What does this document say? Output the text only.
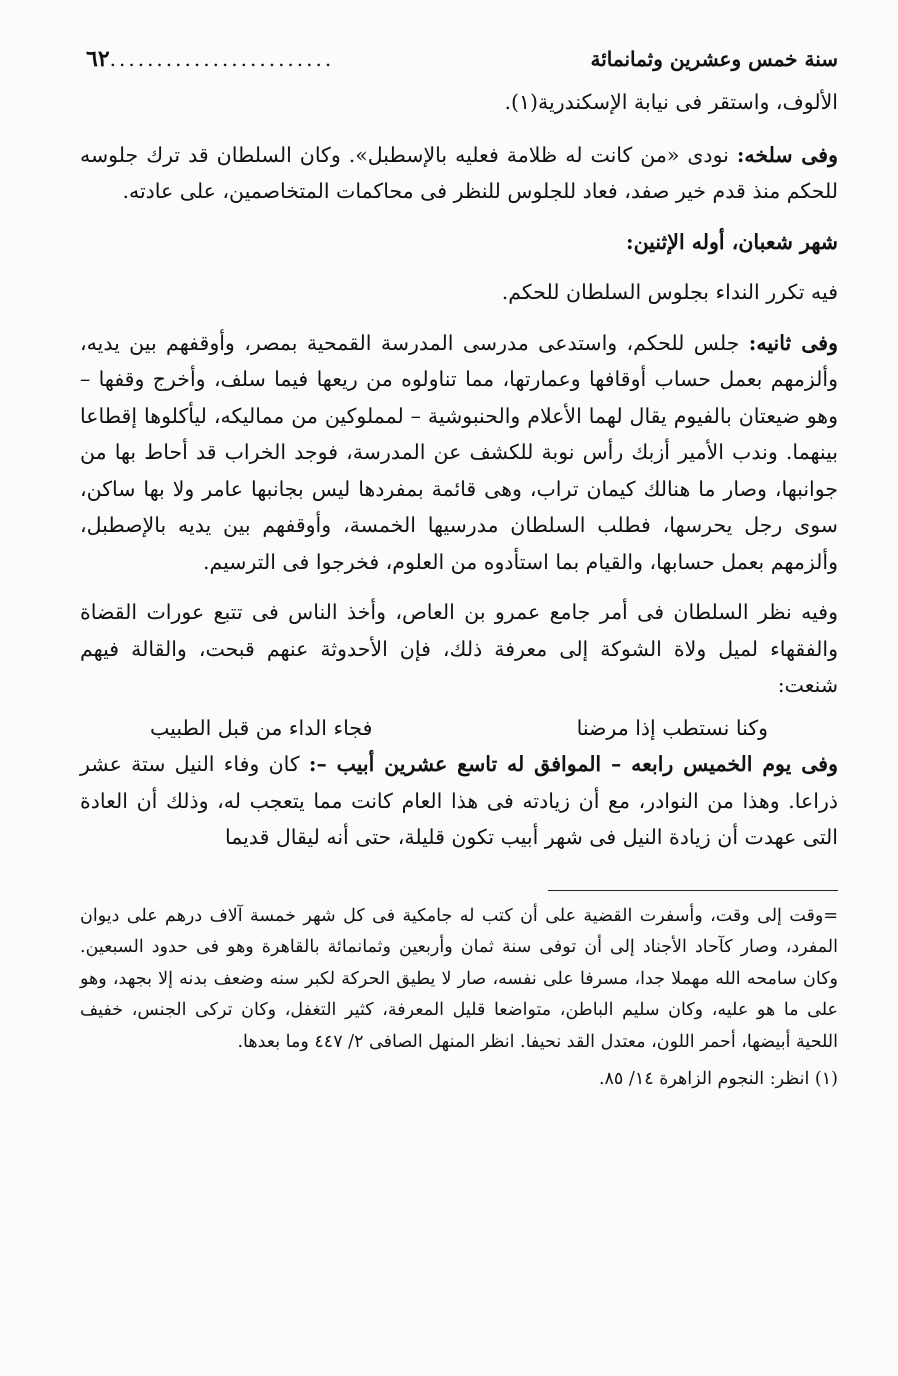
سنة خمس وعشرين وثمانمائة
........................
٦٢

الألوف، واستقر فى نيابة الإسكندرية(١).

وفى سلخه: نودى «من كانت له ظلامة فعليه بالإسطبل». وكان السلطان قد ترك جلوسه للحكم منذ قدم خير صفد، فعاد للجلوس للنظر فى محاكمات المتخاصمين، على عادته.

شهر شعبان، أوله الإثنين:

فيه تكرر النداء بجلوس السلطان للحكم.

وفى ثانيه: جلس للحكم، واستدعى مدرسى المدرسة القمحية بمصر، وأوقفهم بين يديه، وألزمهم بعمل حساب أوقافها وعمارتها، مما تناولوه من ريعها فيما سلف، وأخرج وقفها – وهو ضيعتان بالفيوم يقال لهما الأعلام والحنبوشية – لمملوكين من مماليكه، ليأكلوها إقطاعا بينهما. وندب الأمير أزبك رأس نوبة للكشف عن المدرسة، فوجد الخراب قد أحاط بها من جوانبها، وصار ما هنالك كيمان تراب، وهى قائمة بمفردها ليس بجانبها عامر ولا بها ساكن، سوى رجل يحرسها، فطلب السلطان مدرسيها الخمسة، وأوقفهم بين يديه بالإصطبل، وألزمهم بعمل حسابها، والقيام بما استأدوه من العلوم، فخرجوا فى الترسيم.

وفيه نظر السلطان فى أمر جامع عمرو بن العاص، وأخذ الناس فى تتبع عورات القضاة والفقهاء لميل ولاة الشوكة إلى معرفة ذلك، فإن الأحدوثة عنهم قبحت، والقالة فيهم شنعت:

وكنا نستطب إذا مرضنا
فجاء الداء من قبل الطبيب

وفى يوم الخميس رابعه – الموافق له تاسع عشرين أبيب –: كان وفاء النيل ستة عشر ذراعا. وهذا من النوادر، مع أن زيادته فى هذا العام كانت مما يتعجب له، وذلك أن العادة التى عهدت أن زيادة النيل فى شهر أبيب تكون قليلة، حتى أنه ليقال قديما

=وقت إلى وقت، وأسفرت القضية على أن كتب له جامكية فى كل شهر خمسة آلاف درهم على ديوان المفرد، وصار كآحاد الأجناد إلى أن توفى سنة ثمان وأربعين وثمانمائة بالقاهرة وهو فى حدود السبعين. وكان سامحه الله مهملا جدا، مسرفا على نفسه، صار لا يطيق الحركة لكبر سنه وضعف بدنه إلا بجهد، وهو على ما هو عليه، وكان سليم الباطن، متواضعا قليل المعرفة، كثير التغفل، وكان تركى الجنس، خفيف اللحية أبيضها، أحمر اللون، معتدل القد نحيفا. انظر المنهل الصافى ٢/ ٤٤٧ وما بعدها.

(١) انظر: النجوم الزاهرة ١٤/ ٨٥.
